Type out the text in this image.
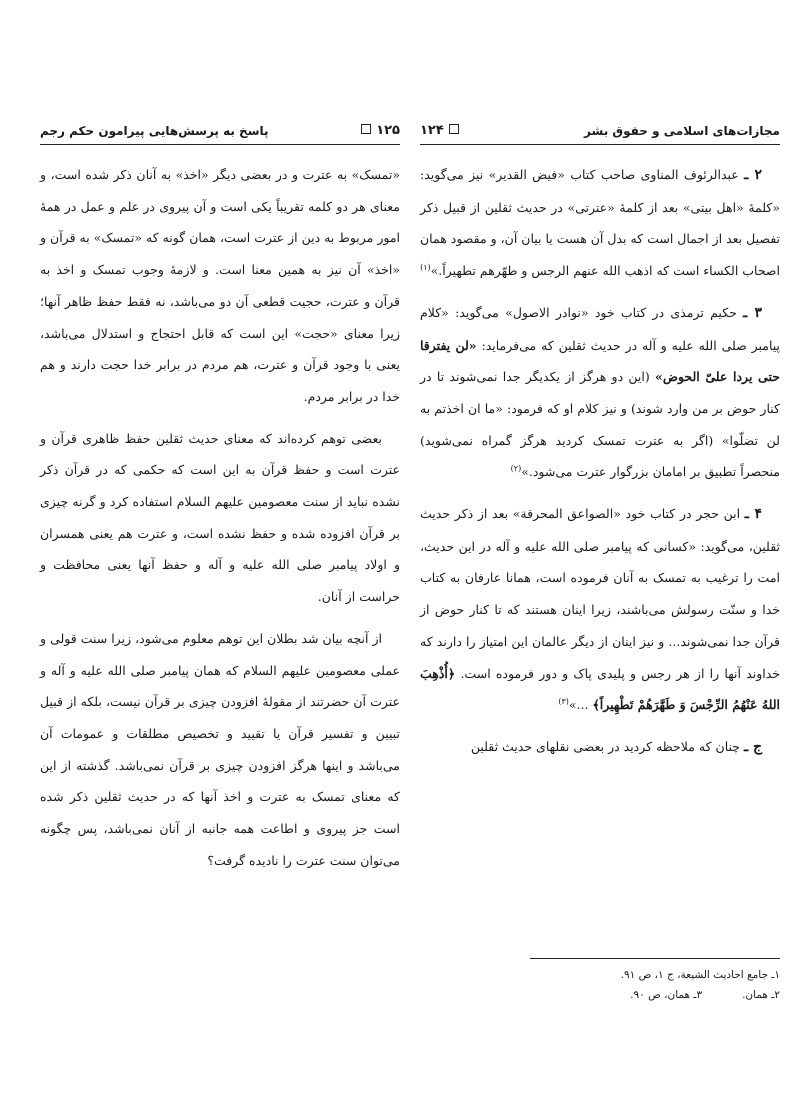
پاسخ به پرسش‌هایی پیرامون حکم رجم	۱۲۵

«تمسک» به عترت و در بعضی دیگر «اخذ» به آنان ذکر شده است، و معنای هر دو کلمه تقریباً یکی است و آن پیروی در علم و عمل در همهٔ امور مربوط به دین از عترت است، همان گونه که «تمسک» به قرآن و «اخذ» آن نیز به همین معنا است. و لازمهٔ وجوب تمسک و اخذ به قرآن و عترت، حجیت قطعی آن دو می‌باشد، نه فقط حفظ ظاهر آنها؛ زیرا معنای «حجت» این است که قابل احتجاج و استدلال می‌باشد، یعنی با وجود قرآن و عترت، هم مردم در برابر خدا حجت دارند و هم خدا در برابر مردم.

بعضی توهم کرده‌اند که معنای حدیث ثقلین حفظ ظاهری قرآن و عترت است و حفظ قرآن به این است که حکمی که در قرآن ذکر نشده نباید از سنت معصومین علیهم السلام استفاده کرد و گرنه چیزی بر قرآن افزوده شده و حفظ نشده است، و عترت هم یعنی همسران و اولاد پیامبر صلی الله علیه و آله و حفظ آنها یعنی محافظت و حراست از آنان.

از آنچه بیان شد بطلان این توهم معلوم می‌شود، زیرا سنت قولی و عملی معصومین علیهم السلام که همان پیامبر صلی الله علیه و آله و عترت آن حضرتند از مقولهٔ افزودن چیزی بر قرآن نیست، بلکه از قبیل تبیین و تفسیر قرآن یا تقیید و تخصیص مطلقات و عمومات آن می‌باشد و اینها هرگز افزودن چیزی بر قرآن نمی‌باشد. گذشته از این که معنای تمسک به عترت و اخذ آنها که در حدیث ثقلین ذکر شده است جز پیروی و اطاعت همه جانبه از آنان نمی‌باشد، پس چگونه می‌توان سنت عترت را نادیده گرفت؟

مجازات‌های اسلامی و حقوق بشر
۱۲۴

۲ ـ عبدالرئوف المناوی صاحب کتاب «فیض القدیر» نیز می‌گوید: «کلمهٔ «اهل بیتی» بعد از کلمهٔ «عترتی» در حدیث ثقلین از قبیل ذکر تفصیل بعد از اجمال است که بدل آن هست یا بیان آن، و مقصود همان اصحاب الکساء است که اذهب الله عنهم الرجس و طهّرهم تطهیراً.»$^{(۱)}$

۳ ـ حکیم ترمذی در کتاب خود «نوادر الاصول» می‌گوید: «کلام پیامبر صلی الله علیه و آله در حدیث ثقلین که می‌فرماید: «لن یفترقا حتی یردا علیّ الحوض» (این دو هرگز از یکدیگر جدا نمی‌شوند تا در کنار حوض بر من وارد شوند) و نیز کلام او که فرمود: «ما ان اخذتم به لن تضلّوا» (اگر به عترت تمسک کردید هرگز گمراه نمی‌شوید) منحصراً تطبیق بر امامان بزرگوار عترت می‌شود.»$^{(۲)}$

۴ ـ ابن حجر در کتاب خود «الصواعق المحرقة» بعد از ذکر حدیث ثقلین، می‌گوید: «کسانی که پیامبر صلی الله علیه و آله در این حدیث، امت را ترغیب به تمسک به آنان فرموده است، همانا عارفان به کتاب خدا و سنّت رسولش می‌باشند، زیرا اینان هستند که تا کنار حوض از قرآن جدا نمی‌شوند... و نیز اینان از دیگر عالمان این امتیاز را دارند که خداوند آنها را از هر رجس و پلیدی پاک و دور فرموده است. ﴿أُذْهِبَ اللهُ عَنْهُمُ الرِّجْسَ وَ طَهَّرَهُمْ تَطْهِیراً﴾ ...»$^{(۳)}$

ج ـ چنان که ملاحظه کردید در بعضی نقلهای حدیث ثقلین

۱ـ جامع احادیث الشیعة، ج ۱، ص ۹۱.
۲ـ همان.
۳ـ همان، ص ۹۰.
